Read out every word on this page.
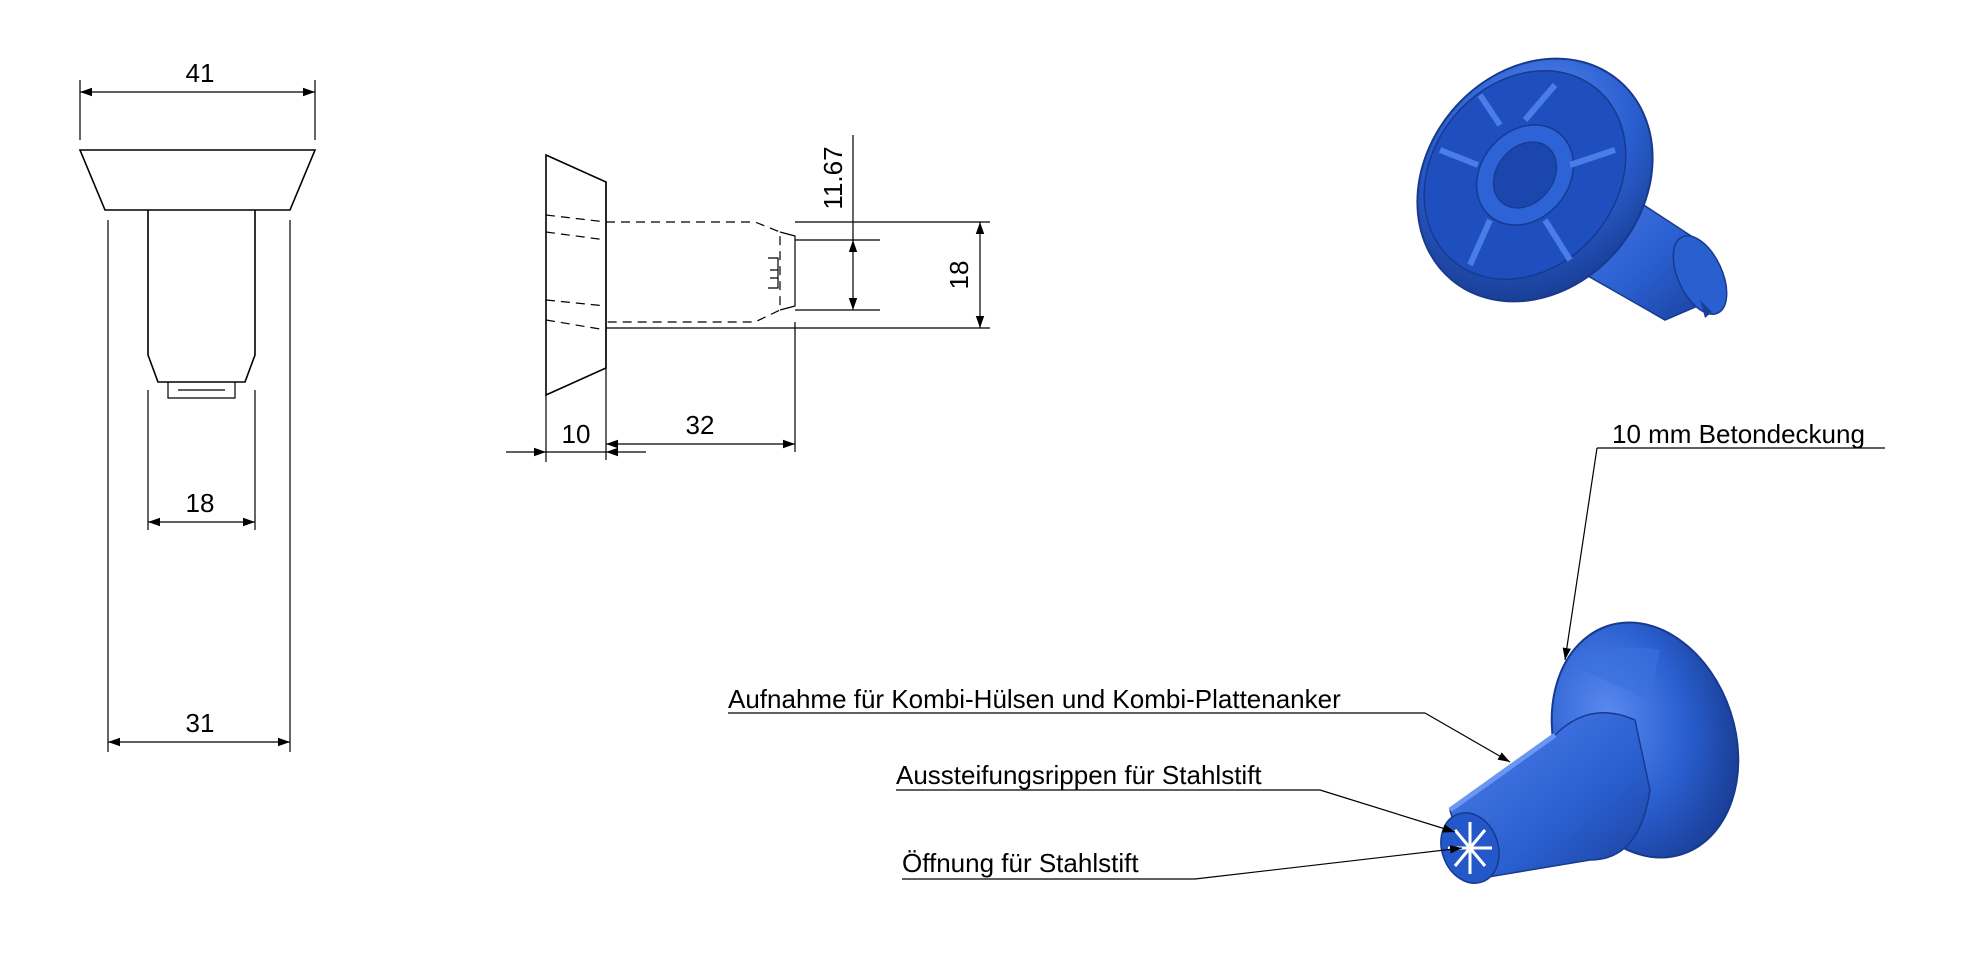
41
18
31
10	32
11.67
18
10 mm Betondeckung
Aufnahme für Kombi-Hülsen und Kombi-Plattenanker
Aussteifungsrippen für Stahlstift
Öffnung für Stahlstift
